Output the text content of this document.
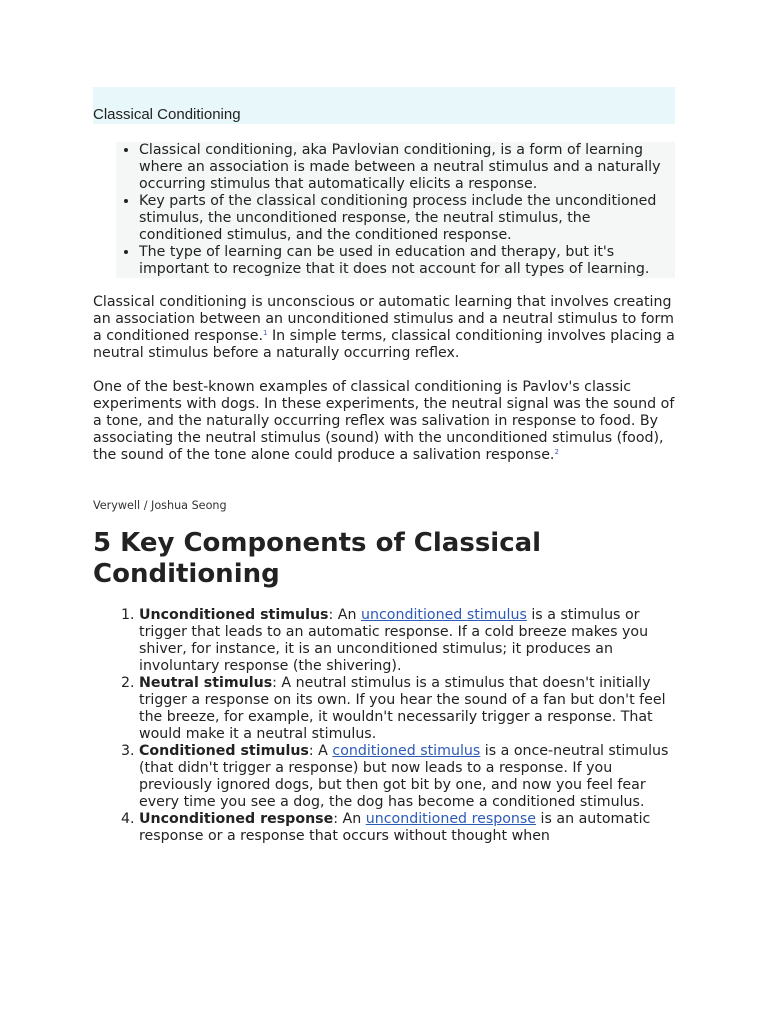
Classical Conditioning
• Classical conditioning, aka Pavlovian conditioning, is a form of learning where an association is made between a neutral stimulus and a naturally occurring stimulus that automatically elicits a response.
• Key parts of the classical conditioning process include the unconditioned stimulus, the unconditioned response, the neutral stimulus, the conditioned stimulus, and the conditioned response.
• The type of learning can be used in education and therapy, but it's important to recognize that it does not account for all types of learning.

Classical conditioning is unconscious or automatic learning that involves creating an association between an unconditioned stimulus and a neutral stimulus to form a conditioned response.$^1$ In simple terms, classical conditioning involves placing a neutral stimulus before a naturally occurring reflex.

One of the best-known examples of classical conditioning is Pavlov's classic experiments with dogs. In these experiments, the neutral signal was the sound of a tone, and the naturally occurring reflex was salivation in response to food. By associating the neutral stimulus (sound) with the unconditioned stimulus (food), the sound of the tone alone could produce a salivation response.$^2$

Verywell / Joshua Seong
5 Key Components of Classical Conditioning
1. Unconditioned stimulus: An unconditioned stimulus is a stimulus or trigger that leads to an automatic response. If a cold breeze makes you shiver, for instance, it is an unconditioned stimulus; it produces an involuntary response (the shivering).
2. Neutral stimulus: A neutral stimulus is a stimulus that doesn't initially trigger a response on its own. If you hear the sound of a fan but don't feel the breeze, for example, it wouldn't necessarily trigger a response. That would make it a neutral stimulus.
3. Conditioned stimulus: A conditioned stimulus is a once-neutral stimulus (that didn't trigger a response) but now leads to a response. If you previously ignored dogs, but then got bit by one, and now you feel fear every time you see a dog, the dog has become a conditioned stimulus.
4. Unconditioned response: An unconditioned response is an automatic response or a response that occurs without thought when
